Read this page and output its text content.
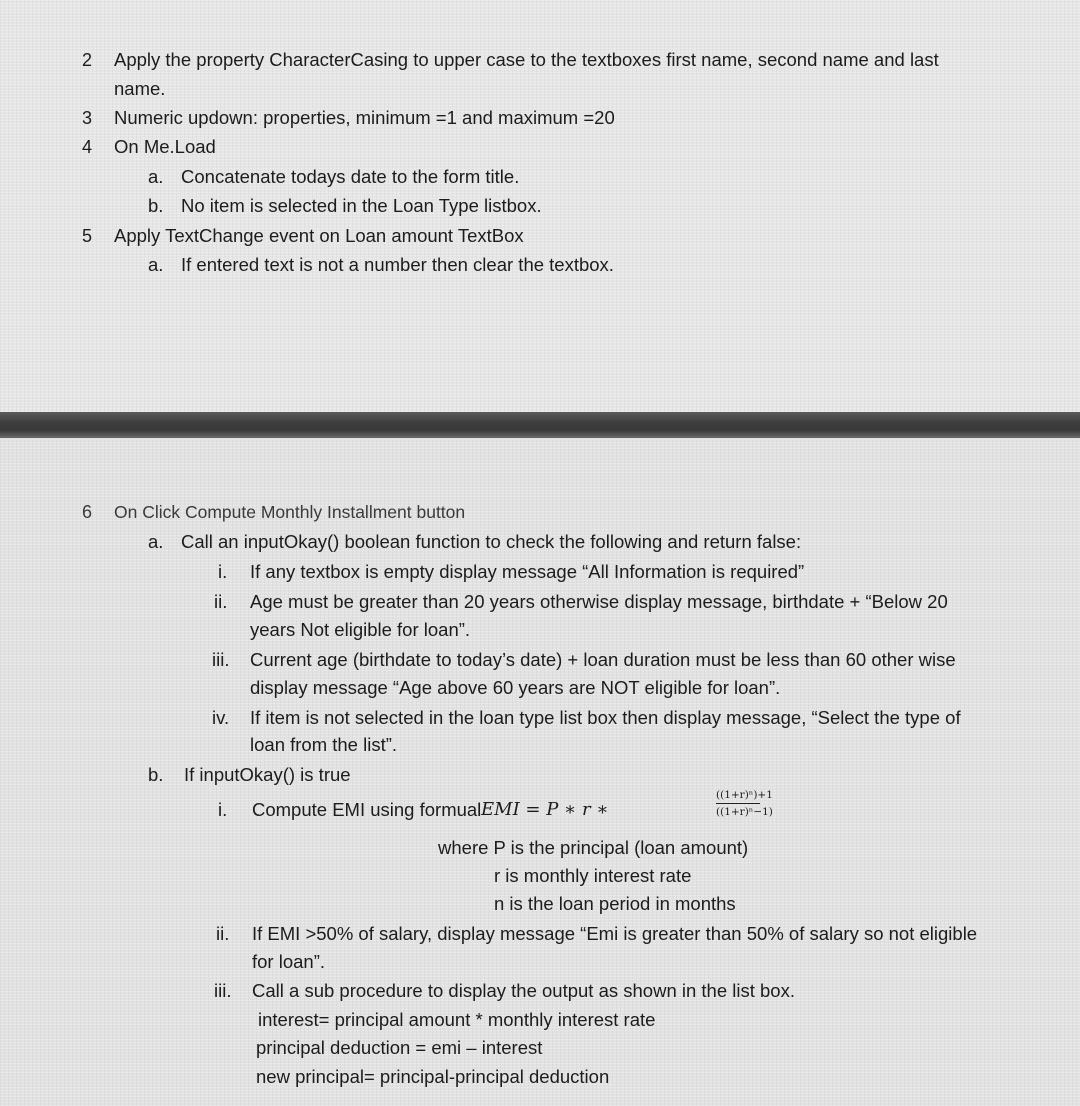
2 Apply the property CharacterCasing to upper case to the textboxes first name, second name and last
name.
3 Numeric updown: properties, minimum =1 and maximum =20
4 On Me.Load
a. Concatenate todays date to the form title.
b. No item is selected in the Loan Type listbox.
5 Apply TextChange event on Loan amount TextBox
a. If entered text is not a number then clear the textbox.
6 On Click Compute Monthly Installment button
a. Call an inputOkay() boolean function to check the following and return false:
i. If any textbox is empty display message “All Information is required”
ii. Age must be greater than 20 years otherwise display message, birthdate + “Below 20
years Not eligible for loan”.
iii. Current age (birthdate to today’s date) + loan duration must be less than 60 other wise
display message “Age above 60 years are NOT eligible for loan”.
iv. If item is not selected in the loan type list box then display message, “Select the type of
loan from the list”.
b. If inputOkay() is true
i. Compute EMI using formual EMI = P ∗ r ∗
((1+r)ⁿ)+1
((1+r)ⁿ−1)
where P is the principal (loan amount)
r is monthly interest rate
n is the loan period in months
ii. If EMI >50% of salary, display message “Emi is greater than 50% of salary so not eligible
for loan”.
iii. Call a sub procedure to display the output as shown in the list box.
interest= principal amount * monthly interest rate
principal deduction = emi – interest
new principal= principal-principal deduction
